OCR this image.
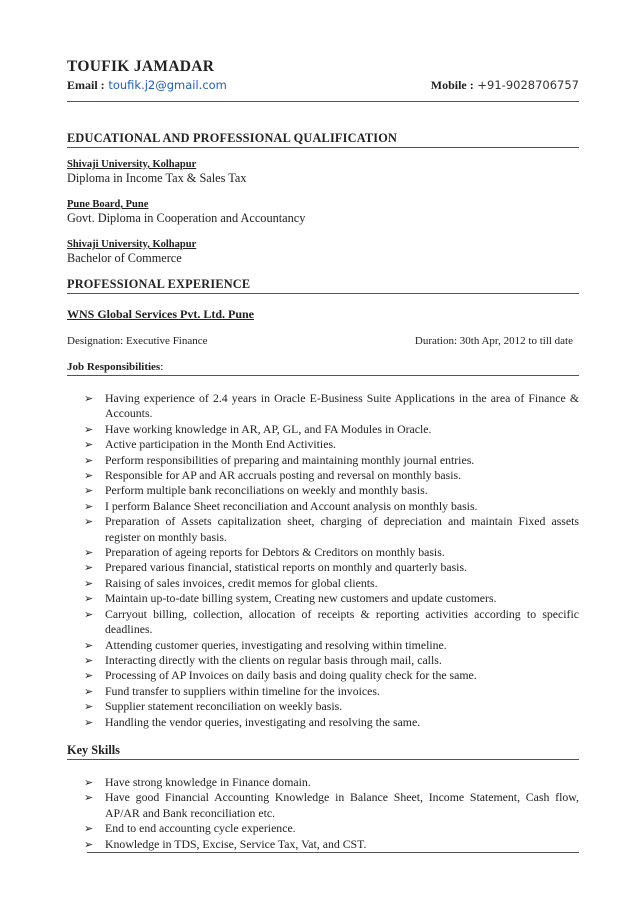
TOUFIK JAMADAR
Email : toufik.j2@gmail.com	Mobile : +91-9028706757
EDUCATIONAL AND PROFESSIONAL QUALIFICATION
Shivaji University, Kolhapur
Diploma in Income Tax & Sales Tax
Pune Board, Pune
Govt. Diploma in Cooperation and Accountancy
Shivaji University, Kolhapur
Bachelor of Commerce
PROFESSIONAL EXPERIENCE
WNS Global Services Pvt. Ltd. Pune
Designation: Executive Finance	Duration: 30th Apr, 2012 to till date
Job Responsibilities:
➢ Having experience of 2.4 years in Oracle E-Business Suite Applications in the area of Finance & Accounts.
➢ Have working knowledge in AR, AP, GL, and FA Modules in Oracle.
➢ Active participation in the Month End Activities.
➢ Perform responsibilities of preparing and maintaining monthly journal entries.
➢ Responsible for AP and AR accruals posting and reversal on monthly basis.
➢ Perform multiple bank reconciliations on weekly and monthly basis.
➢ I perform Balance Sheet reconciliation and Account analysis on monthly basis.
➢ Preparation of Assets capitalization sheet, charging of depreciation and maintain Fixed assets register on monthly basis.
➢ Preparation of ageing reports for Debtors & Creditors on monthly basis.
➢ Prepared various financial, statistical reports on monthly and quarterly basis.
➢ Raising of sales invoices, credit memos for global clients.
➢ Maintain up-to-date billing system, Creating new customers and update customers.
➢ Carryout billing, collection, allocation of receipts & reporting activities according to specific deadlines.
➢ Attending customer queries, investigating and resolving within timeline.
➢ Interacting directly with the clients on regular basis through mail, calls.
➢ Processing of AP Invoices on daily basis and doing quality check for the same.
➢ Fund transfer to suppliers within timeline for the invoices.
➢ Supplier statement reconciliation on weekly basis.
➢ Handling the vendor queries, investigating and resolving the same.
Key Skills
➢ Have strong knowledge in Finance domain.
➢ Have good Financial Accounting Knowledge in Balance Sheet, Income Statement, Cash flow, AP/AR and Bank reconciliation etc.
➢ End to end accounting cycle experience.
➢ Knowledge in TDS, Excise, Service Tax, Vat, and CST.
